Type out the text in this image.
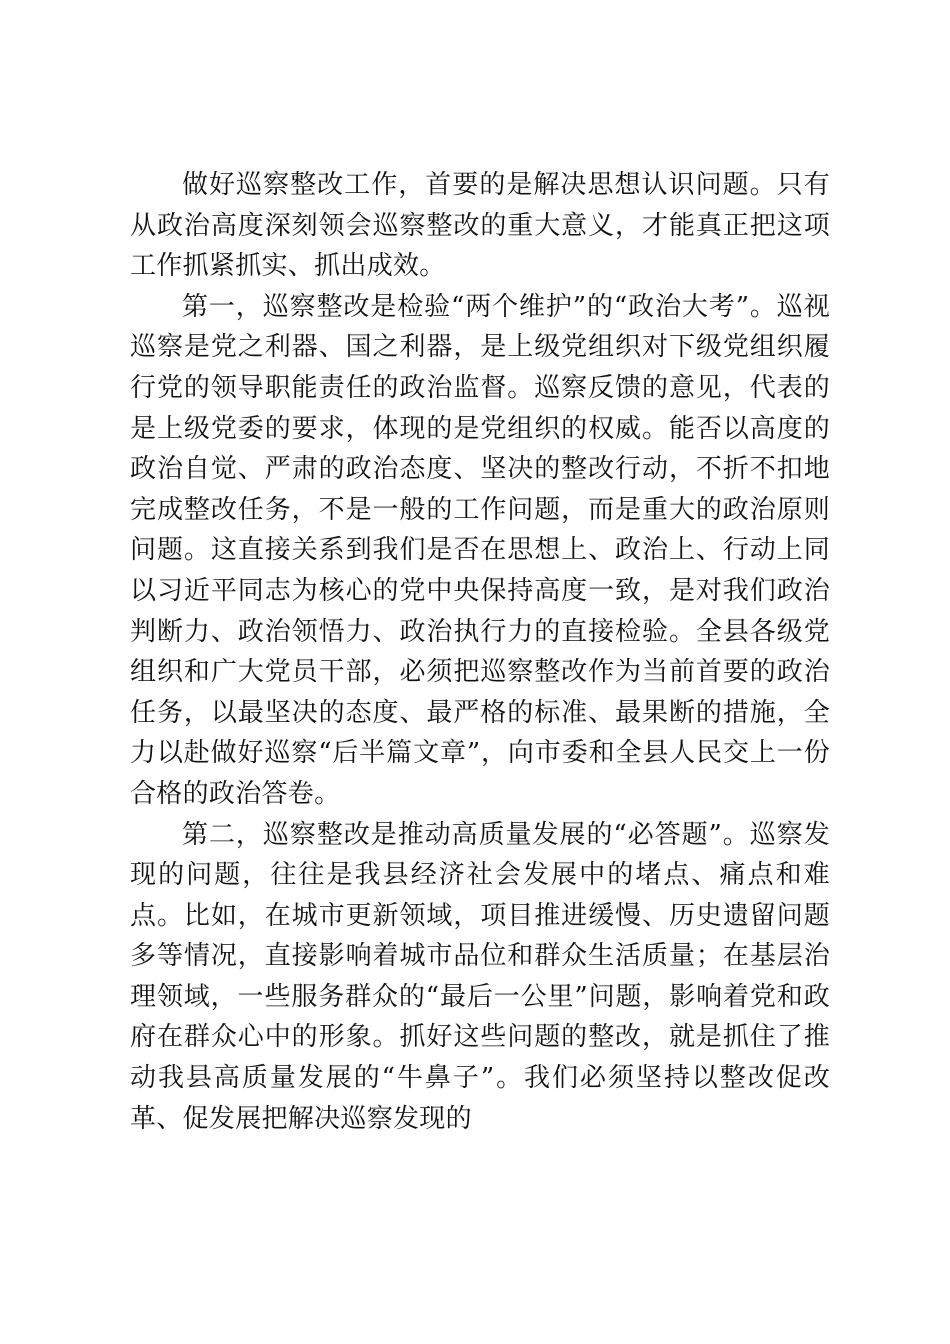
做好巡察整改工作，首要的是解决思想认识问题。只有从政治高度深刻领会巡察整改的重大意义，才能真正把这项工作抓紧抓实、抓出成效。

第一，巡察整改是检验“两个维护”的“政治大考”。巡视巡察是党之利器、国之利器，是上级党组织对下级党组织履行党的领导职能责任的政治监督。巡察反馈的意见，代表的是上级党委的要求，体现的是党组织的权威。能否以高度的政治自觉、严肃的政治态度、坚决的整改行动，不折不扣地完成整改任务，不是一般的工作问题，而是重大的政治原则问题。这直接关系到我们是否在思想上、政治上、行动上同以习近平同志为核心的党中央保持高度一致，是对我们政治判断力、政治领悟力、政治执行力的直接检验。全县各级党组织和广大党员干部，必须把巡察整改作为当前首要的政治任务，以最坚决的态度、最严格的标准、最果断的措施，全力以赴做好巡察“后半篇文章”，向市委和全县人民交上一份合格的政治答卷。

第二，巡察整改是推动高质量发展的“必答题”。巡察发现的问题，往往是我县经济社会发展中的堵点、痛点和难点。比如，在城市更新领域，项目推进缓慢、历史遗留问题多等情况，直接影响着城市品位和群众生活质量；在基层治理领域，一些服务群众的“最后一公里”问题，影响着党和政府在群众心中的形象。抓好这些问题的整改，就是抓住了推动我县高质量发展的“牛鼻子”。我们必须坚持以整改促改革、促发展把解决巡察发现的
